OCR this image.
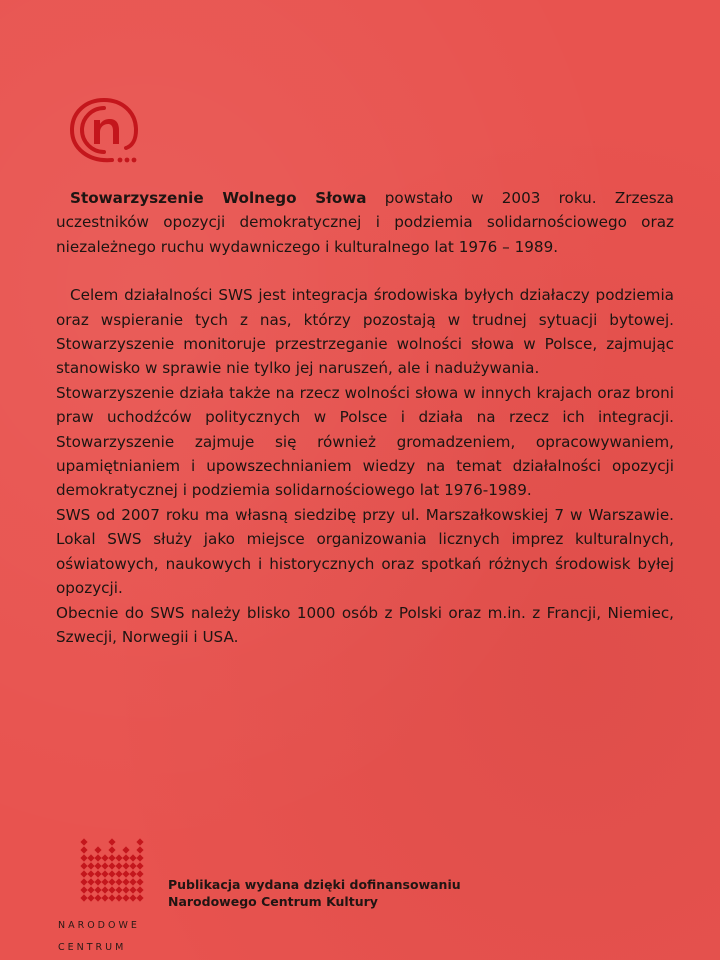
Stowarzyszenie Wolnego Słowa powstało w 2003 roku. Zrzesza uczestników opozycji demokratycznej i podziemia solidarnościowego oraz niezależnego ruchu wydawniczego i kulturalnego lat 1976 – 1989.

Celem działalności SWS jest integracja środowiska byłych działaczy podziemia oraz wspieranie tych z nas, którzy pozostają w trudnej sytuacji bytowej. Stowarzyszenie monitoruje przestrzeganie wolności słowa w Polsce, zajmując stanowisko w sprawie nie tylko jej naruszeń, ale i nadużywania.

Stowarzyszenie działa także na rzecz wolności słowa w innych krajach oraz broni praw uchodźców politycznych w Polsce i działa na rzecz ich integracji. Stowarzyszenie zajmuje się również gromadzeniem, opracowywaniem, upamiętnianiem i upowszechnianiem wiedzy na temat działalności opozycji demokratycznej i podziemia solidarnościowego lat 1976-1989.

SWS od 2007 roku ma własną siedzibę przy ul. Marszałkowskiej 7 w Warszawie. Lokal SWS służy jako miejsce organizowania licznych imprez kulturalnych, oświatowych, naukowych i historycznych oraz spotkań różnych środowisk byłej opozycji.

Obecnie do SWS należy blisko 1000 osób z Polski oraz m.in. z Francji, Niemiec, Szwecji, Norwegii i USA.

NARODOWE
CENTRUM
Publikacja wydana dzięki dofinansowaniu
Narodowego Centrum Kultury
